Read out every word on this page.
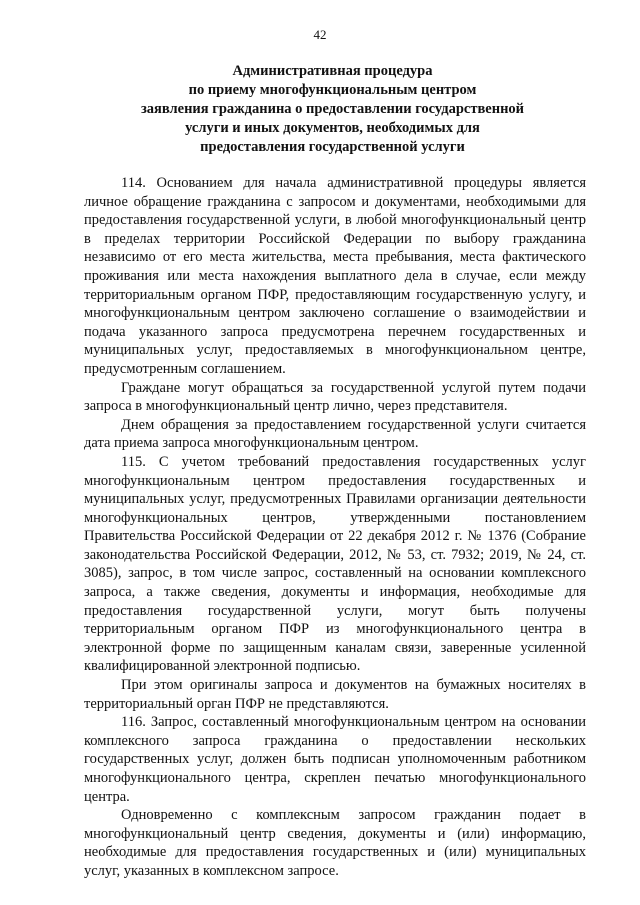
42
Административная процедура
по приему многофункциональным центром
заявления гражданина о предоставлении государственной
услуги и иных документов, необходимых для
предоставления государственной услуги

114. Основанием для начала административной процедуры является личное обращение гражданина с запросом и документами, необходимыми для предоставления государственной услуги, в любой многофункциональный центр в пределах территории Российской Федерации по выбору гражданина независимо от его места жительства, места пребывания, места фактического проживания или места нахождения выплатного дела в случае, если между территориальным органом ПФР, предоставляющим государственную услугу, и многофункциональным центром заключено соглашение о взаимодействии и подача указанного запроса предусмотрена перечнем государственных и муниципальных услуг, предоставляемых в многофункциональном центре, предусмотренным соглашением.

Граждане могут обращаться за государственной услугой путем подачи запроса в многофункциональный центр лично, через представителя.

Днем обращения за предоставлением государственной услуги считается дата приема запроса многофункциональным центром.

115. С учетом требований предоставления государственных услуг многофункциональным центром предоставления государственных и муниципальных услуг, предусмотренных Правилами организации деятельности многофункциональных центров, утвержденными постановлением Правительства Российской Федерации от 22 декабря 2012 г. № 1376 (Собрание законодательства Российской Федерации, 2012, № 53, ст. 7932; 2019, № 24, ст. 3085), запрос, в том числе запрос, составленный на основании комплексного запроса, а также сведения, документы и информация, необходимые для предоставления государственной услуги, могут быть получены территориальным органом ПФР из многофункционального центра в электронной форме по защищенным каналам связи, заверенные усиленной квалифицированной электронной подписью.

При этом оригиналы запроса и документов на бумажных носителях в территориальный орган ПФР не представляются.

116. Запрос, составленный многофункциональным центром на основании комплексного запроса гражданина о предоставлении нескольких государственных услуг, должен быть подписан уполномоченным работником многофункционального центра, скреплен печатью многофункционального центра.

Одновременно с комплексным запросом гражданин подает в многофункциональный центр сведения, документы и (или) информацию, необходимые для предоставления государственных и (или) муниципальных услуг, указанных в комплексном запросе.
